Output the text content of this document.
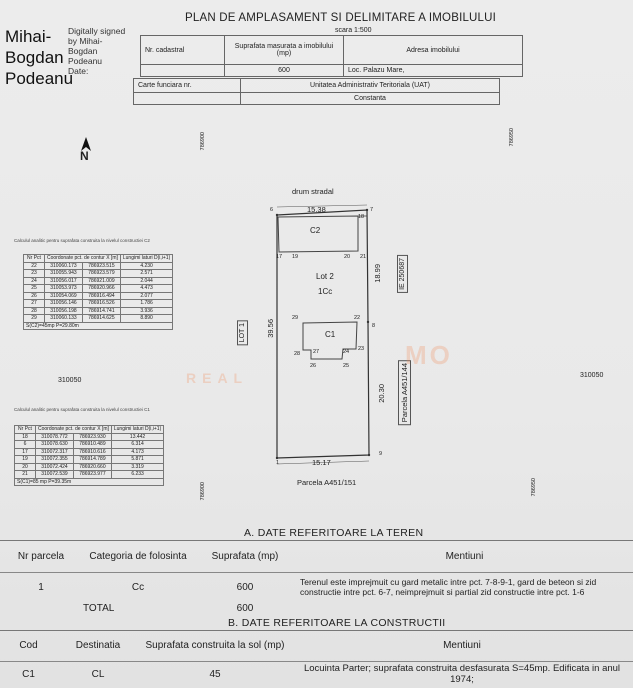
Mihai-
Bogdan
Podeanu
Digitally signed
by Mihai-
Bogdan
Podeanu
Date:
PLAN DE AMPLASAMENT SI DELIMITARE A IMOBILULUI
scara 1:500
Nr. cadastral	Suprafata masurata a imobilului (mp)	Adresa imobilului
	600	Loc. Palazu Mare,
Carte funciara nr.	Unitatea Administrativ Teritoriala (UAT)
	Constanta
N
786900	786950
786900	786950
310050
310050
drum stradal
15.38
15.17
Parcela A451/151
Parcela A451/144
IE 250687
LOT 1	39.56
18.99
20.30
Lot 2
1Cc
C2
C1
6	7
18
17 19	20 21
29	22
8
28 27	24 23
26	25
1
9
REAL
MO
Calculul analitic pentru suprafata construita la nivelul constructiei C2
Nr Pct	Coordonate pct. de contur X [m]		Lungimi laturi D(i,i+1)
22	310060.173	786923.515	4.230
23	310055.943	786923.579	2.571
24	310056.017	786921.009	2.044
25	310053.973	786920.966	4.473
26	310054.069	786916.494	2.077
27	310056.146	786916.526	1.786
28	310056.198	786914.741	3.936
29	310060.133	786914.625	8.890
S(C2)=45mp P=29.80m			
Calculul analitic pentru suprafata construita la nivelul constructiei C1
Nr Pct	Coordonate pct. de contur X [m]		Lungimi laturi D(i,i+1)
18	310078.772	786923.930	13.442
6	310078.630	786910.489	6.314
17	310072.317	786910.616	4.173
19	310072.355	786914.789	5.871
20	310072.424	786920.660	3.319
21	310072.539	786923.977	6.233
S(C1)=85 mp P=39.35m			
A. DATE REFERITOARE LA TEREN
Nr parcela	Categoria de folosinta	Suprafata (mp)	Mentiuni
1	Cc	600	Terenul este imprejmuit cu gard metalic intre pct. 7-8-9-1, gard de beteon si zid constructie intre pct. 6-7, neimprejmuit si partial zid constructie intre pct. 1-6
	TOTAL	600	
B. DATE REFERITOARE LA CONSTRUCTII
Cod	Destinatia	Suprafata construita la sol (mp)	Mentiuni
C1	CL	45	Locuinta Parter; suprafata construita desfasurata S=45mp. Edificata in anul 1974;
